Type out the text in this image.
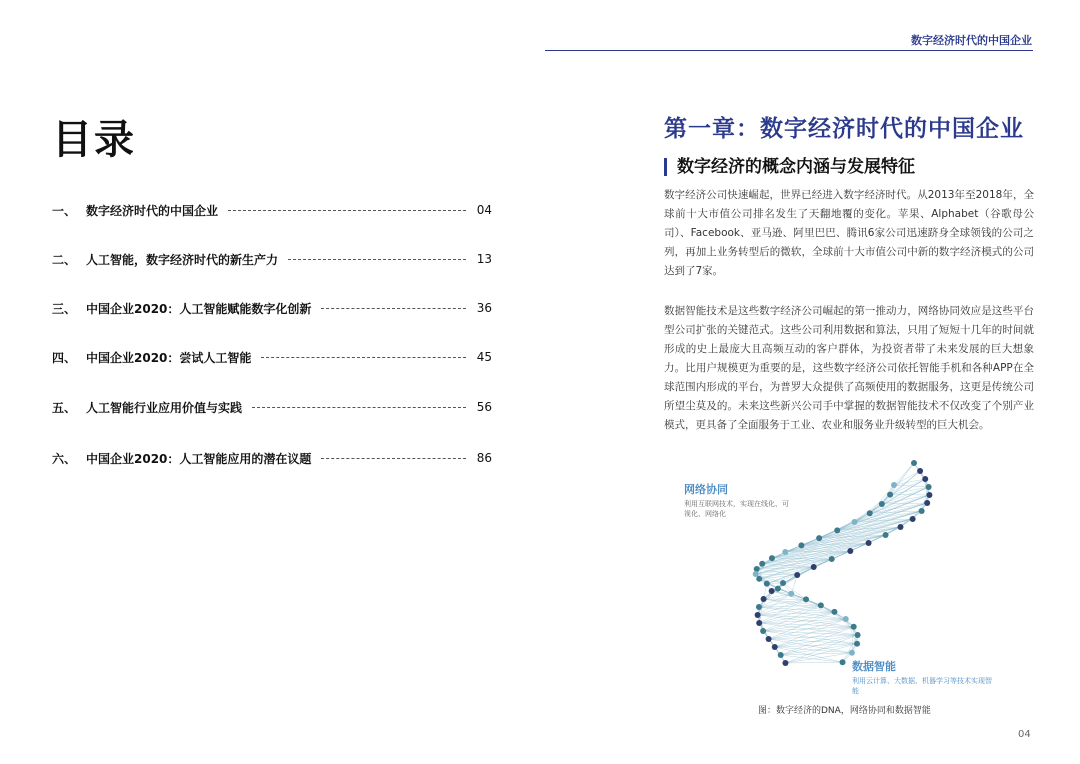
数字经济时代的中国企业
目录
一、 数字经济时代的中国企业	04
二、 人工智能，数字经济时代的新生产力	13
三、 中国企业2020：人工智能赋能数字化创新	36
四、 中国企业2020：尝试人工智能	45
五、 人工智能行业应用价值与实践	56
六、 中国企业2020：人工智能应用的潜在议题	86
第一章：数字经济时代的中国企业
数字经济的概念内涵与发展特征

数字经济公司快速崛起，世界已经进入数字经济时代。从2013年至2018年，全球前十大市值公司排名发生了天翻地覆的变化。苹果、Alphabet（谷歌母公司）、Facebook、亚马逊、阿里巴巴、腾讯6家公司迅速跻身全球领钱的公司之列，再加上业务转型后的微软，全球前十大市值公司中新的数字经济模式的公司达到了7家。

数据智能技术是这些数字经济公司崛起的第一推动力，网络协同效应是这些平台型公司扩张的关键范式。这些公司利用数据和算法，只用了短短十几年的时间就形成的史上最庞大且高频互动的客户群体，为投资者带了未来发展的巨大想象力。比用户规模更为重要的是，这些数字经济公司依托智能手机和各种APP在全球范围内形成的平台，为普罗大众提供了高频使用的数据服务，这更是传统公司所望尘莫及的。未来这些新兴公司手中掌握的数据智能技术不仅改变了个别产业模式，更具备了全面服务于工业、农业和服务业升级转型的巨大机会。

网络协同
利用互联网技术，实现在线化、可视化、网络化
数据智能
利用云计算、大数据、机器学习等技术实现智能
图：数字经济的DNA，网络协同和数据智能
04
